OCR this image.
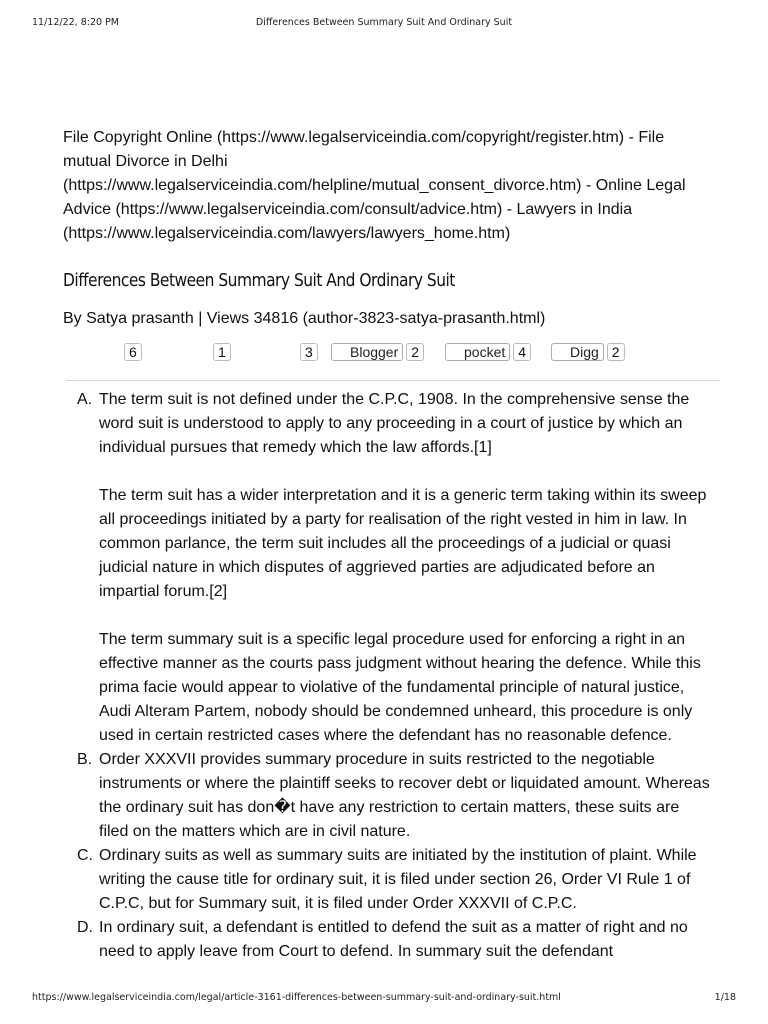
11/12/22, 8:20 PM	Differences Between Summary Suit And Ordinary Suit

File Copyright Online (https://www.legalserviceindia.com/copyright/register.htm) - File mutual Divorce in Delhi (https://www.legalserviceindia.com/helpline/mutual_consent_divorce.htm) - Online Legal Advice (https://www.legalserviceindia.com/consult/advice.htm) - Lawyers in India (https://www.legalserviceindia.com/lawyers/lawyers_home.htm)

Differences Between Summary Suit And Ordinary Suit

By Satya prasanth | Views 34816 (author-3823-satya-prasanth.html)

6	1	3	Blogger 2	pocket 4	Digg 2
A. The term suit is not defined under the C.P.C, 1908. In the comprehensive sense the word suit is understood to apply to any proceeding in a court of justice by which an individual pursues that remedy which the law affords.[1]

The term suit has a wider interpretation and it is a generic term taking within its sweep all proceedings initiated by a party for realisation of the right vested in him in law. In common parlance, the term suit includes all the proceedings of a judicial or quasi judicial nature in which disputes of aggrieved parties are adjudicated before an impartial forum.[2]

The term summary suit is a specific legal procedure used for enforcing a right in an effective manner as the courts pass judgment without hearing the defence. While this prima facie would appear to violative of the fundamental principle of natural justice, Audi Alteram Partem, nobody should be condemned unheard, this procedure is only used in certain restricted cases where the defendant has no reasonable defence.

B. Order XXXVII provides summary procedure in suits restricted to the negotiable instruments or where the plaintiff seeks to recover debt or liquidated amount. Whereas the ordinary suit has don�t have any restriction to certain matters, these suits are filed on the matters which are in civil nature.

C. Ordinary suits as well as summary suits are initiated by the institution of plaint. While writing the cause title for ordinary suit, it is filed under section 26, Order VI Rule 1 of C.P.C, but for Summary suit, it is filed under Order XXXVII of C.P.C.

D. In ordinary suit, a defendant is entitled to defend the suit as a matter of right and no need to apply leave from Court to defend. In summary suit the defendant

https://www.legalserviceindia.com/legal/article-3161-differences-between-summary-suit-and-ordinary-suit.html	1/18
